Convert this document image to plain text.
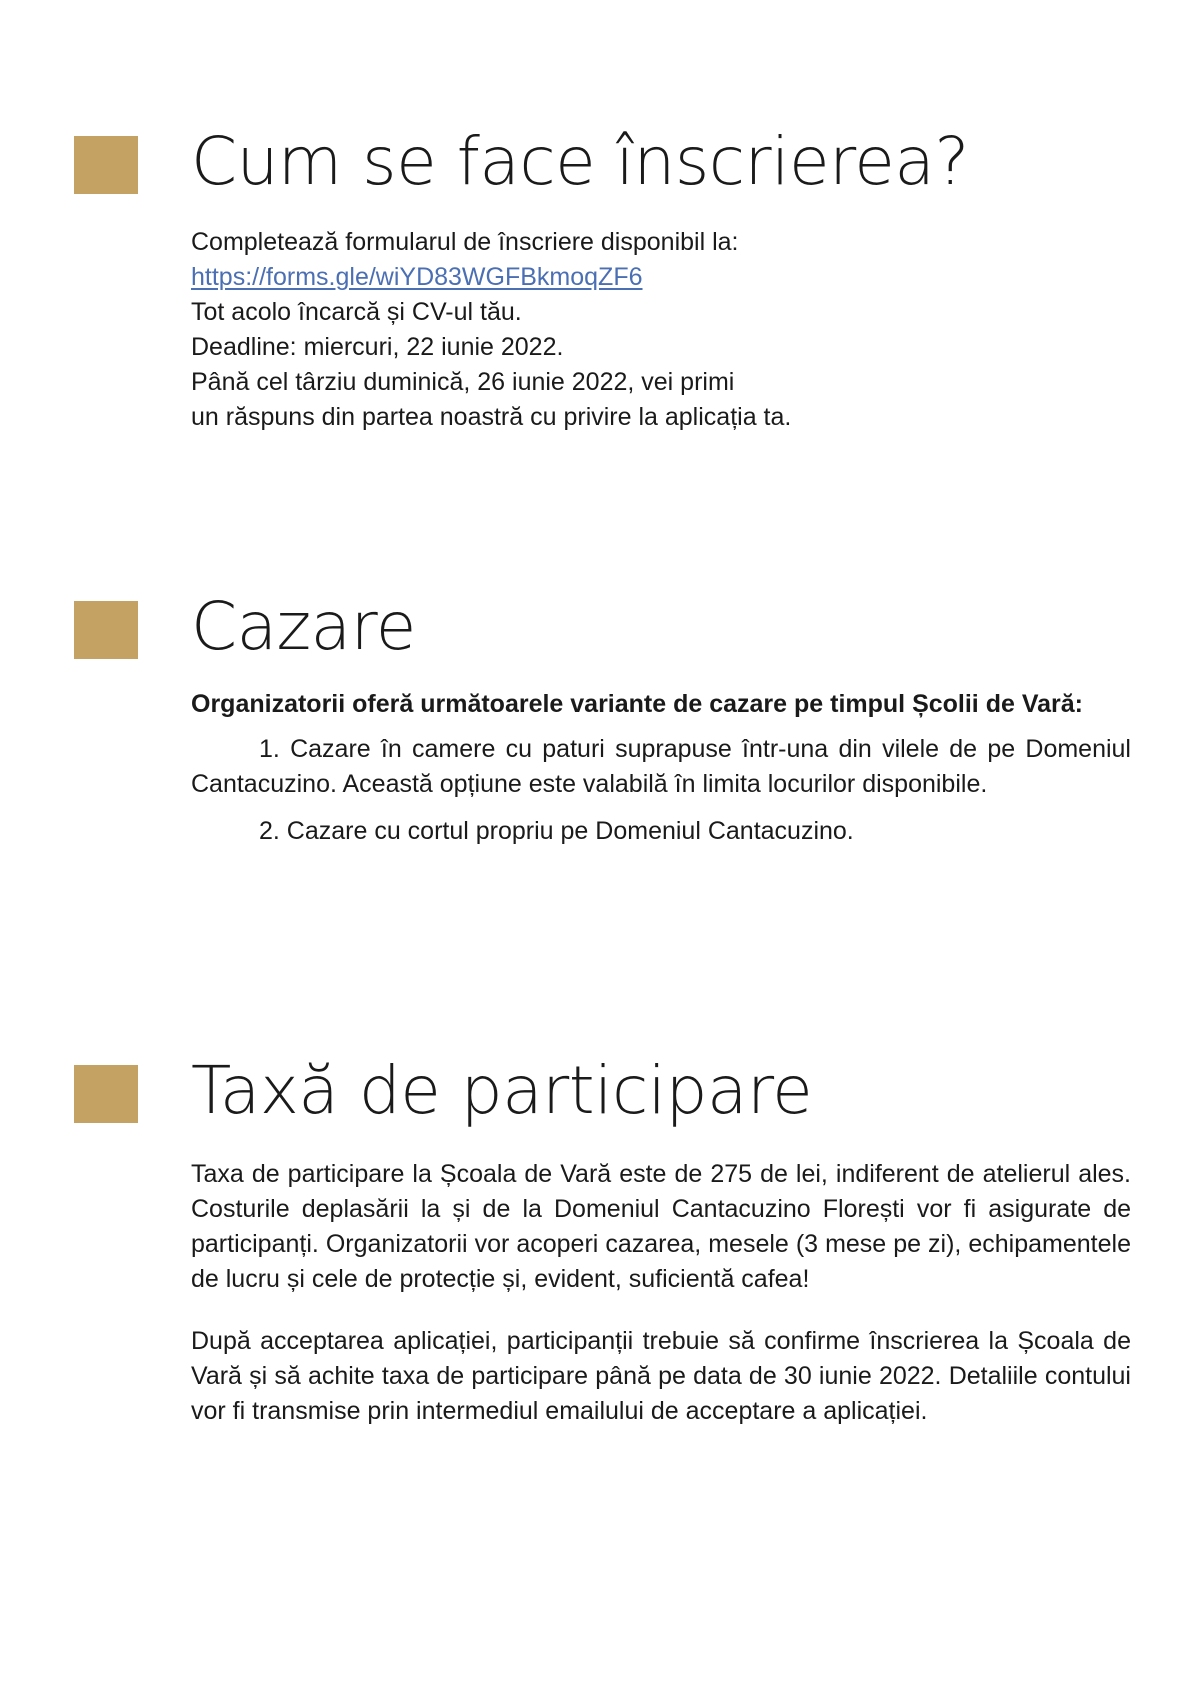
Cum se face înscrierea?
Completează formularul de înscriere disponibil la:
https://forms.gle/wiYD83WGFBkmoqZF6
Tot acolo încarcă și CV-ul tău.
Deadline: miercuri, 22 iunie 2022.
Până cel târziu duminică, 26 iunie 2022, vei primi
un răspuns din partea noastră cu privire la aplicația ta.
Cazare
Organizatorii oferă următoarele variante de cazare pe timpul Școlii de Vară:

1. Cazare în camere cu paturi suprapuse într-una din vilele de pe Domeniul Cantacuzino. Această opțiune este valabilă în limita locurilor disponibile.

2. Cazare cu cortul propriu pe Domeniul Cantacuzino.

Taxă de participare

Taxa de participare la Școala de Vară este de 275 de lei, indiferent de atelierul ales. Costurile deplasării la și de la Domeniul Cantacuzino Florești vor fi asigurate de participanți. Organizatorii vor acoperi cazarea, mesele (3 mese pe zi), echipamentele de lucru și cele de protecție și, evident, suficientă cafea!

După acceptarea aplicației, participanții trebuie să confirme înscrierea la Școala de Vară și să achite taxa de participare până pe data de 30 iunie 2022. Detaliile contului vor fi transmise prin intermediul emailului de acceptare a aplicației.
